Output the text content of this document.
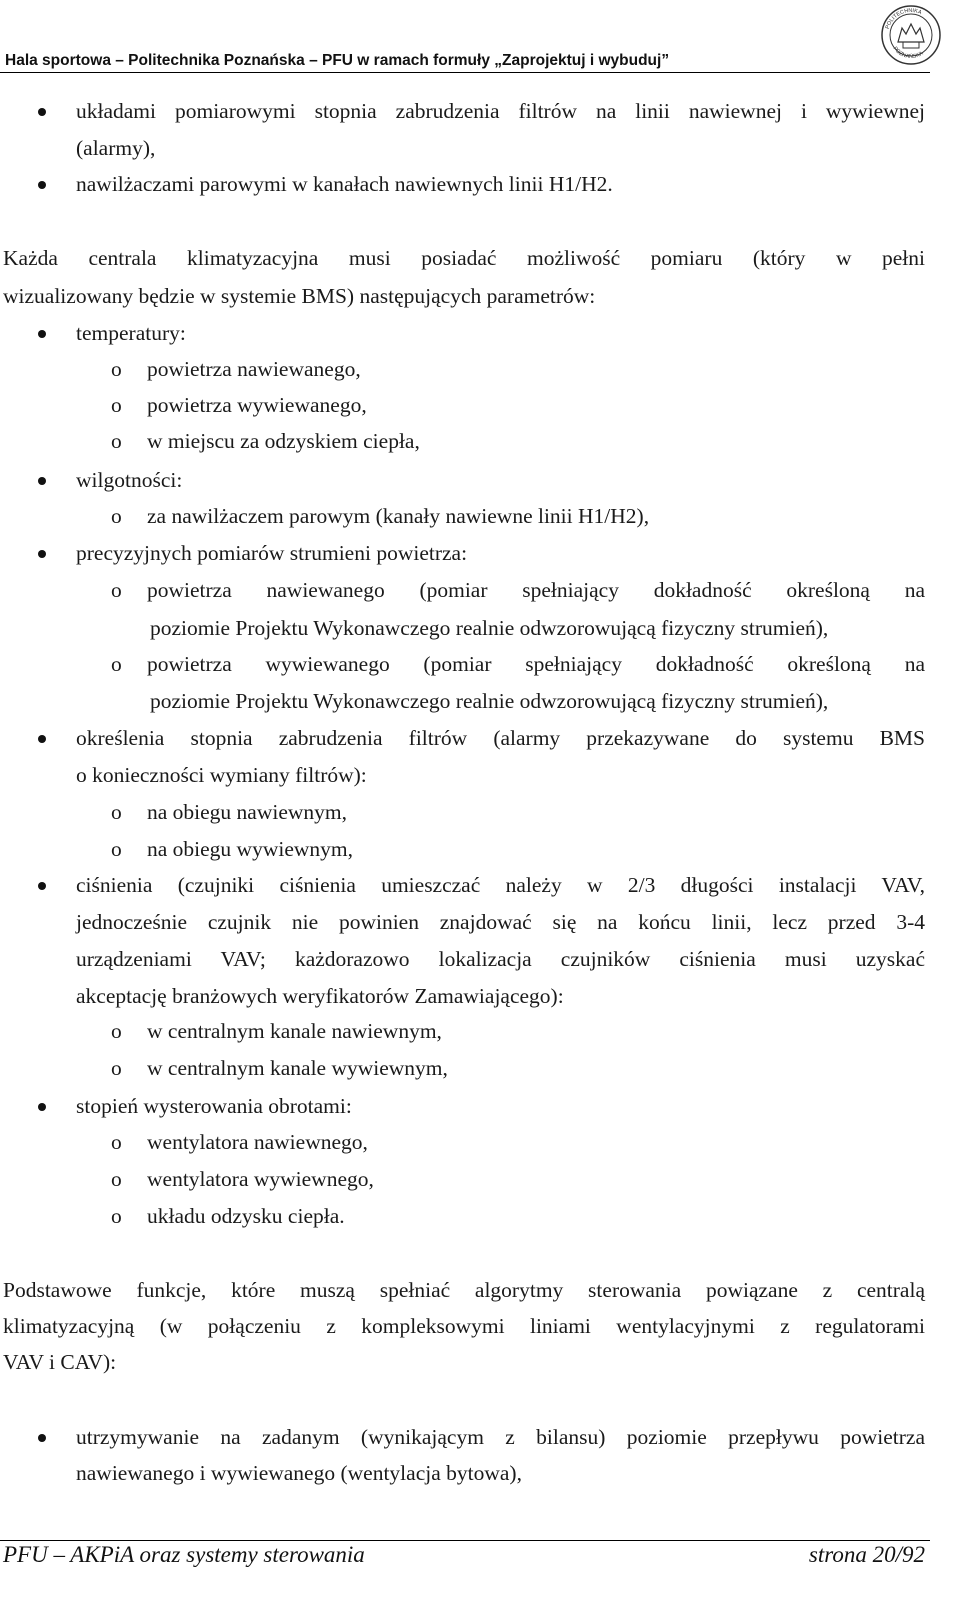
Hala sportowa – Politechnika Poznańska – PFU w ramach formuły „Zaprojektuj i wybuduj”
POLITECHNIKA
POZNAŃSKA
układami pomiarowymi stopnia zabrudzenia filtrów na linii nawiewnej i wywiewnej
(alarmy),
nawilżaczami parowymi w kanałach nawiewnych linii H1/H2.
Każda centrala klimatyzacyjna musi posiadać możliwość pomiaru (który w pełni
wizualizowany będzie w systemie BMS) następujących parametrów:
temperatury:
o powietrza nawiewanego,
o powietrza wywiewanego,
o w miejscu za odzyskiem ciepła,
wilgotności:
o za nawilżaczem parowym (kanały nawiewne linii H1/H2),
precyzyjnych pomiarów strumieni powietrza:
o powietrza nawiewanego (pomiar spełniający dokładność określoną na
poziomie Projektu Wykonawczego realnie odwzorowującą fizyczny strumień),
o powietrza wywiewanego (pomiar spełniający dokładność określoną na
poziomie Projektu Wykonawczego realnie odwzorowującą fizyczny strumień),
określenia stopnia zabrudzenia filtrów (alarmy przekazywane do systemu BMS
o konieczności wymiany filtrów):
o na obiegu nawiewnym,
o na obiegu wywiewnym,
ciśnienia (czujniki ciśnienia umieszczać należy w 2/3 długości instalacji VAV,
jednocześnie czujnik nie powinien znajdować się na końcu linii, lecz przed 3-4
urządzeniami VAV; każdorazowo lokalizacja czujników ciśnienia musi uzyskać
akceptację branżowych weryfikatorów Zamawiającego):
o w centralnym kanale nawiewnym,
o w centralnym kanale wywiewnym,
stopień wysterowania obrotami:
o wentylatora nawiewnego,
o wentylatora wywiewnego,
o układu odzysku ciepła.
Podstawowe funkcje, które muszą spełniać algorytmy sterowania powiązane z centralą
klimatyzacyjną (w połączeniu z kompleksowymi liniami wentylacyjnymi z regulatorami
VAV i CAV):
utrzymywanie na zadanym (wynikającym z bilansu) poziomie przepływu powietrza
nawiewanego i wywiewanego (wentylacja bytowa),
PFU – AKPiA oraz systemy sterowania	strona 20/92
